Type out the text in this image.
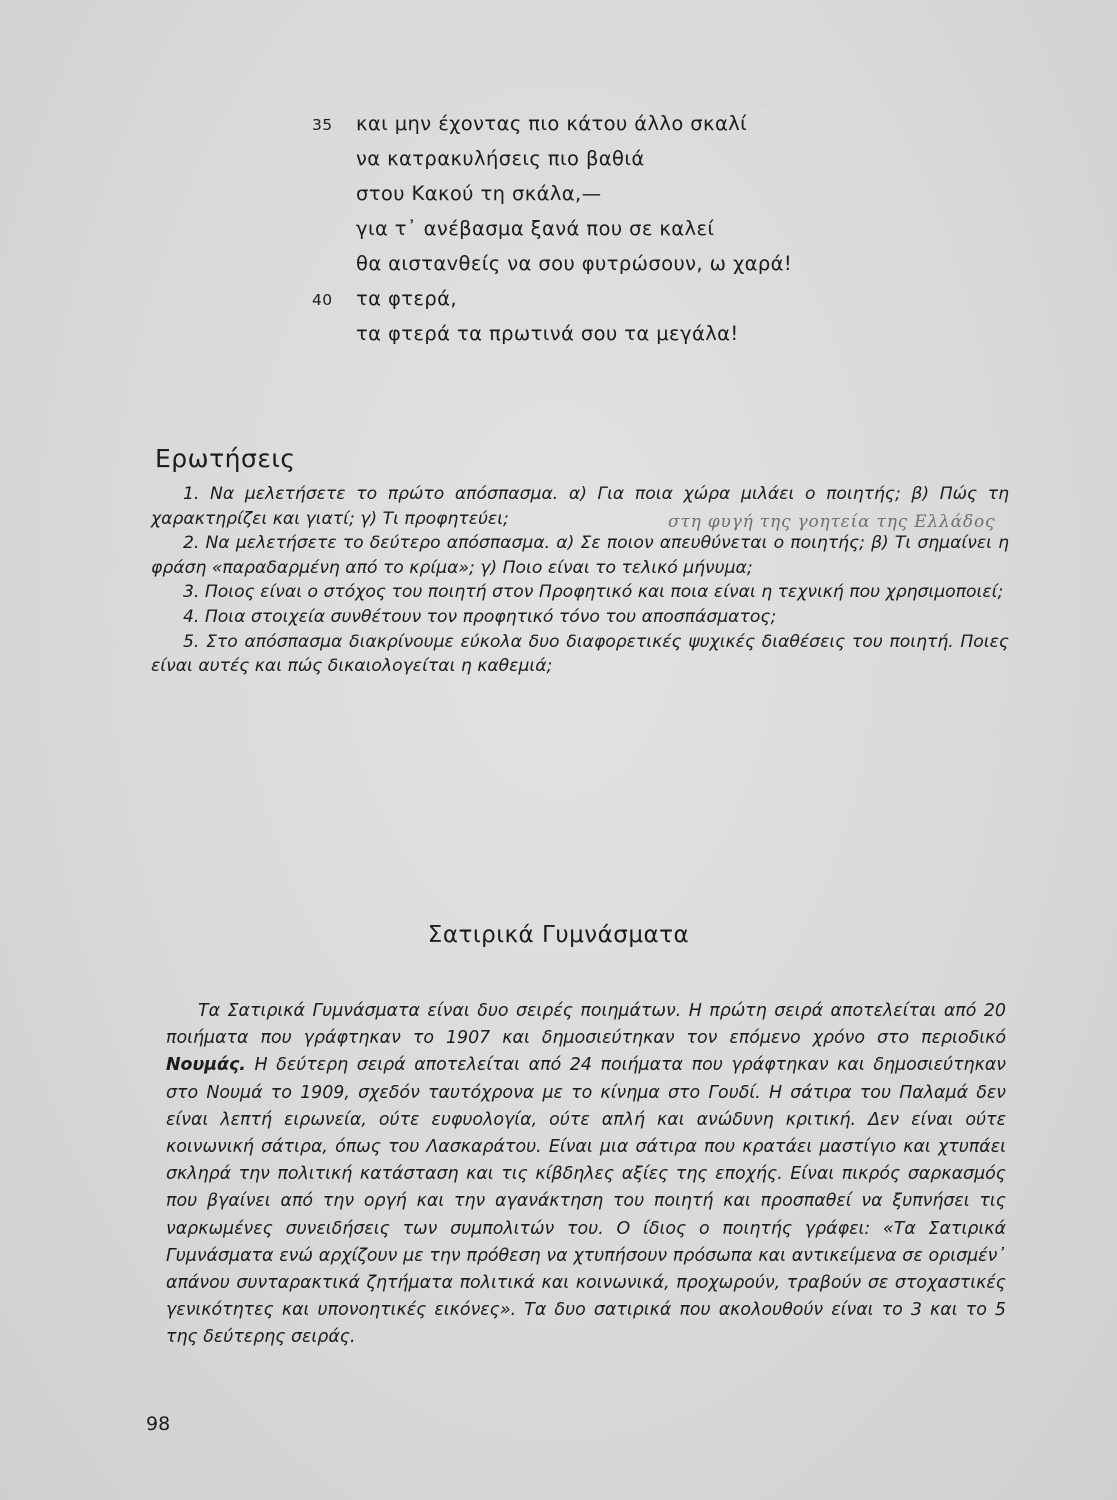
·
35	και μην έχοντας πιο κάτου άλλο σκαλί
να κατρακυλήσεις πιο βαθιά
στου Κακού τη σκάλα,—
για τ᾽ ανέβασμα ξανά που σε καλεί
θα αισταvθείς να σου φυτρώσουν, ω χαρά!
40	τα φτερά,
τα φτερά τα πρωτινά σου τα μεγάλα!
Ερωτήσεις
1. Να μελετήσετε το πρώτο απόσπασμα. α) Για ποια χώρα μιλάει ο ποιητής; β) Πώς τη χαρακτηρίζει και γιατί; γ) Τι προφητεύει;
2. Να μελετήσετε το δεύτερο απόσπασμα. α) Σε ποιον απευθύνεται ο ποιητής; β) Τι σημαίνει η φράση «παραδαρμένη από το κρίμα»; γ) Ποιο είναι το τελικό μήνυμα;
3. Ποιος είναι ο στόχος του ποιητή στον Προφητικό και ποια είναι η τεχνική που χρησιμοποιεί;
4. Ποια στοιχεία συνθέτουν τον προφητικό τόνο του αποσπάσματος;
5. Στο απόσπασμα διακρίνουμε εύκολα δυο διαφορετικές ψυχικές διαθέσεις του ποιητή. Ποιες είναι αυτές και πώς δικαιολογείται η καθεμιά;
στη φυγή της γοητεία της Ελλάδος
Σατιρικά Γυμνάσματα
Τα Σατιρικά Γυμνάσματα είναι δυο σειρές ποιημάτων. Η πρώτη σειρά αποτελείται από 20 ποιήματα που γράφτηκαν το 1907 και δημοσιεύτηκαν τον επόμενο χρόνο στο περιοδικό Νουμάς. Η δεύτερη σειρά αποτελείται από 24 ποιήματα που γράφτηκαν και δημοσιεύτηκαν στο Νουμά το 1909, σχεδόν ταυτόχρονα με το κίνημα στο Γουδί. Η σάτιρα του Παλαμά δεν είναι λεπτή ειρωνεία, ούτε ευφυολογία, ούτε απλή και ανώδυνη κριτική. Δεν είναι ούτε κοινωνική σάτιρα, όπως του Λασκαράτου. Είναι μια σάτιρα που κρατάει μαστίγιο και χτυπάει σκληρά την πολιτική κατάσταση και τις κίβδηλες αξίες της εποχής. Είναι πικρός σαρκασμός που βγαίνει από την οργή και την αγανάκτηση του ποιητή και προσπαθεί να ξυπνήσει τις ναρκωμένες συνειδήσεις των συμπολιτών του. Ο ίδιος ο ποιητής γράφει: «Τα Σατιρικά Γυμνάσματα ενώ αρχίζουν με την πρόθεση να χτυπήσουν πρόσωπα και αντικείμενα σε ορισμέν᾽ απάνου συνταρακτικά ζητήματα πολιτικά και κοινωνικά, προχωρούν, τραβούν σε στοχαστικές γενικότητες και υπονοητικές εικόνες». Τα δυο σατιρικά που ακολουθούν είναι το 3 και το 5 της δεύτερης σειράς.
98
